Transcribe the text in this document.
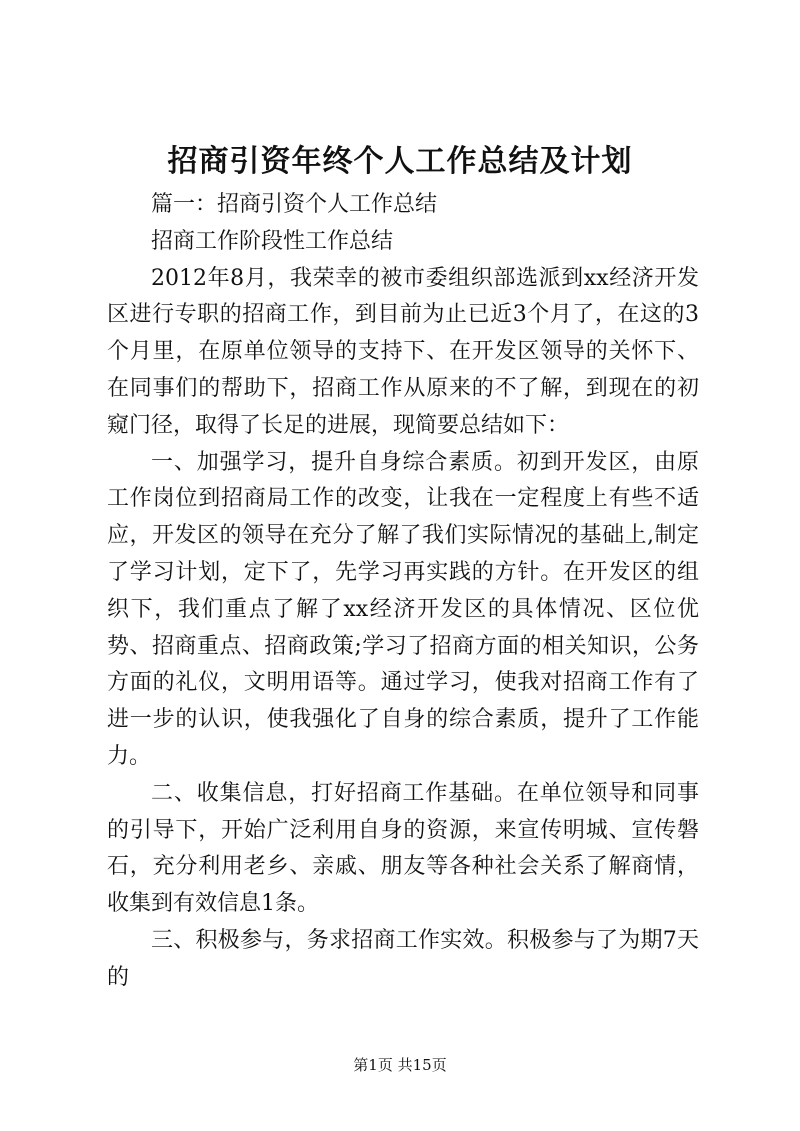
招商引资年终个人工作总结及计划

篇一：招商引资个人工作总结

招商工作阶段性工作总结

2012年8月，我荣幸的被市委组织部选派到xx经济开发区进行专职的招商工作，到目前为止已近3个月了，在这的3个月里，在原单位领导的支持下、在开发区领导的关怀下、在同事们的帮助下，招商工作从原来的不了解，到现在的初窥门径，取得了长足的进展，现简要总结如下：

一、加强学习，提升自身综合素质。初到开发区，由原工作岗位到招商局工作的改变，让我在一定程度上有些不适应，开发区的领导在充分了解了我们实际情况的基础上,制定了学习计划，定下了，先学习再实践的方针。在开发区的组织下，我们重点了解了xx经济开发区的具体情况、区位优势、招商重点、招商政策;学习了招商方面的相关知识，公务方面的礼仪，文明用语等。通过学习，使我对招商工作有了进一步的认识，使我强化了自身的综合素质，提升了工作能力。

二、收集信息，打好招商工作基础。在单位领导和同事的引导下，开始广泛利用自身的资源，来宣传明城、宣传磐石，充分利用老乡、亲戚、朋友等各种社会关系了解商情，收集到有效信息1条。

三、积极参与，务求招商工作实效。积极参与了为期7天的

第1页 共15页
